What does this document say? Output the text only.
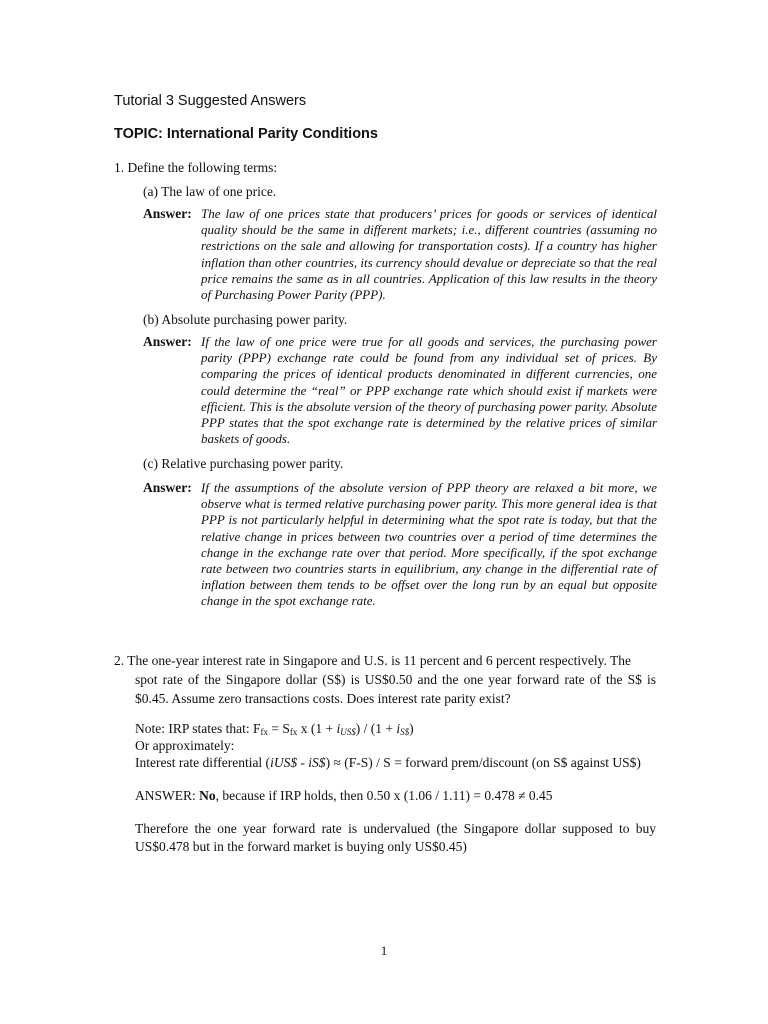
Tutorial 3 Suggested Answers
TOPIC: International Parity Conditions
1. Define the following terms:
(a) The law of one price.
Answer: The law of one prices state that producers’ prices for goods or services of identical quality should be the same in different markets; i.e., different countries (assuming no restrictions on the sale and allowing for transportation costs). If a country has higher inflation than other countries, its currency should devalue or depreciate so that the real price remains the same as in all countries. Application of this law results in the theory of Purchasing Power Parity (PPP).
(b) Absolute purchasing power parity.
Answer: If the law of one price were true for all goods and services, the purchasing power parity (PPP) exchange rate could be found from any individual set of prices. By comparing the prices of identical products denominated in different currencies, one could determine the “real” or PPP exchange rate which should exist if markets were efficient. This is the absolute version of the theory of purchasing power parity. Absolute PPP states that the spot exchange rate is determined by the relative prices of similar baskets of goods.
(c) Relative purchasing power parity.
Answer: If the assumptions of the absolute version of PPP theory are relaxed a bit more, we observe what is termed relative purchasing power parity. This more general idea is that PPP is not particularly helpful in determining what the spot rate is today, but that the relative change in prices between two countries over a period of time determines the change in the exchange rate over that period. More specifically, if the spot exchange rate between two countries starts in equilibrium, any change in the differential rate of inflation between them tends to be offset over the long run by an equal but opposite change in the spot exchange rate.
2. The one-year interest rate in Singapore and U.S. is 11 percent and 6 percent respectively. The
spot rate of the Singapore dollar (S$) is US$0.50 and the one year forward rate of the S$ is $0.45. Assume zero transactions costs. Does interest rate parity exist?
Note: IRP states that: $F_{fx} = S_{fx}$ x $(1 + i_{US\$}) / (1 + i_{S\$})$
Or approximately:
Interest rate differential (iUS$ - iS$) ≈ (F-S) / S = forward prem/discount (on S$ against US$)
ANSWER: No, because if IRP holds, then 0.50 x (1.06 / 1.11) = 0.478 ≠ 0.45
Therefore the one year forward rate is undervalued (the Singapore dollar supposed to buy US$0.478 but in the forward market is buying only US$0.45)
1
